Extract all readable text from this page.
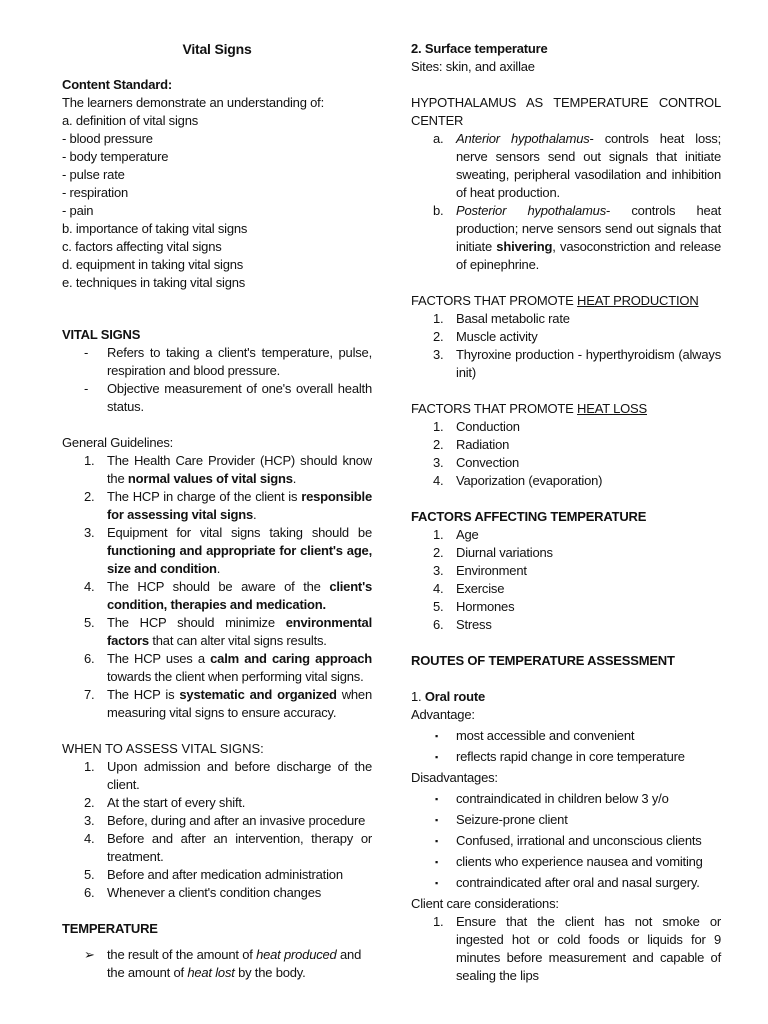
Vital Signs
Content Standard:
The learners demonstrate an understanding of:
a. definition of vital signs
- blood pressure
- body temperature
- pulse rate
- respiration
- pain
b. importance of taking vital signs
c. factors affecting vital signs
d. equipment in taking vital signs
e. techniques in taking vital signs
VITAL SIGNS
- Refers to taking a client's temperature, pulse, respiration and blood pressure.
- Objective measurement of one's overall health status.
General Guidelines:
1. The Health Care Provider (HCP) should know the normal values of vital signs.
2. The HCP in charge of the client is responsible for assessing vital signs.
3. Equipment for vital signs taking should be functioning and appropriate for client's age, size and condition.
4. The HCP should be aware of the client's condition, therapies and medication.
5. The HCP should minimize environmental factors that can alter vital signs results.
6. The HCP uses a calm and caring approach towards the client when performing vital signs.
7. The HCP is systematic and organized when measuring vital signs to ensure accuracy.
WHEN TO ASSESS VITAL SIGNS:
1. Upon admission and before discharge of the client.
2. At the start of every shift.
3. Before, during and after an invasive procedure
4. Before and after an intervention, therapy or treatment.
5. Before and after medication administration
6. Whenever a client's condition changes
TEMPERATURE
➢ the result of the amount of heat produced and the amount of heat lost by the body.
2. Surface temperature
Sites: skin, and axillae
HYPOTHALAMUS AS TEMPERATURE CONTROL CENTER
a. Anterior hypothalamus- controls heat loss; nerve sensors send out signals that initiate sweating, peripheral vasodilation and inhibition of heat production.
b. Posterior hypothalamus- controls heat production; nerve sensors send out signals that initiate shivering, vasoconstriction and release of epinephrine.
FACTORS THAT PROMOTE HEAT PRODUCTION
1. Basal metabolic rate
2. Muscle activity
3. Thyroxine production - hyperthyroidism (always init)
FACTORS THAT PROMOTE HEAT LOSS
1. Conduction
2. Radiation
3. Convection
4. Vaporization (evaporation)
FACTORS AFFECTING TEMPERATURE
1. Age
2. Diurnal variations
3. Environment
4. Exercise
5. Hormones
6. Stress
ROUTES OF TEMPERATURE ASSESSMENT
1. Oral route
Advantage:
▪ most accessible and convenient
▪ reflects rapid change in core temperature
Disadvantages:
▪ contraindicated in children below 3 y/o
▪ Seizure-prone client
▪ Confused, irrational and unconscious clients
▪ clients who experience nausea and vomiting
▪ contraindicated after oral and nasal surgery.
Client care considerations:
1. Ensure that the client has not smoke or ingested hot or cold foods or liquids for 9 minutes before measurement and capable of sealing the lips
